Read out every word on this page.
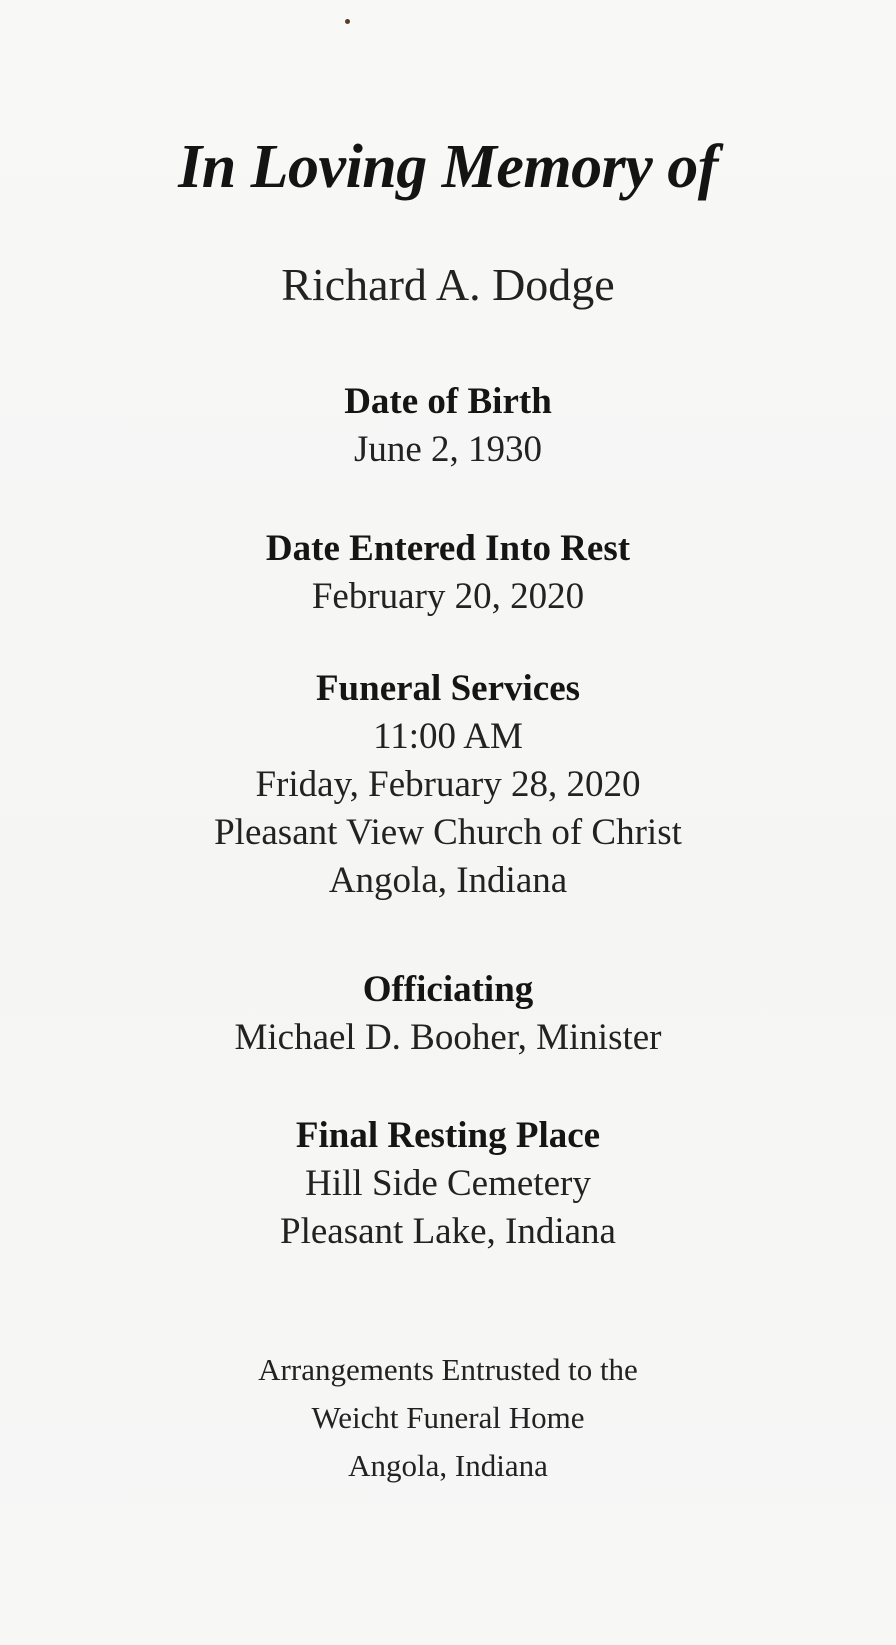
In Loving Memory of
Richard A. Dodge
Date of Birth
June 2, 1930
Date Entered Into Rest
February 20, 2020
Funeral Services
11:00 AM
Friday, February 28, 2020
Pleasant View Church of Christ
Angola, Indiana
Officiating
Michael D. Booher, Minister
Final Resting Place
Hill Side Cemetery
Pleasant Lake, Indiana
Arrangements Entrusted to the
Weicht Funeral Home
Angola, Indiana
